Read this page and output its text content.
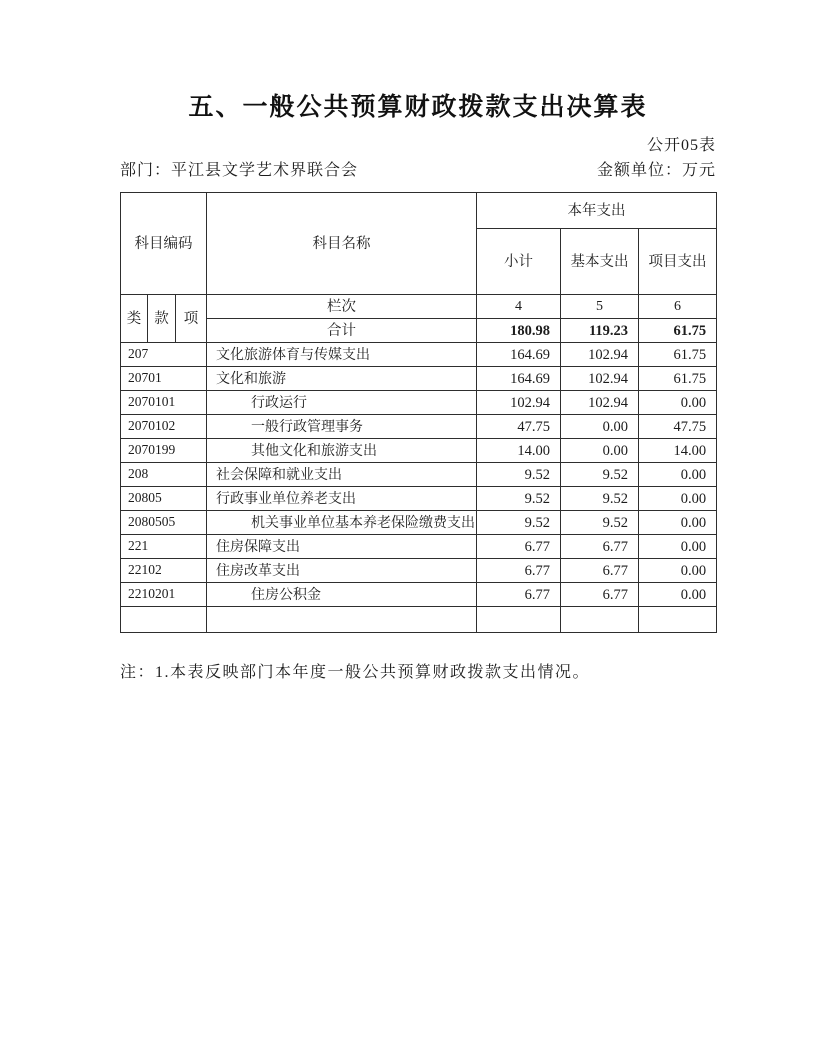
五、一般公共预算财政拨款支出决算表
公开05表
部门：平江县文学艺术界联合会	金额单位：万元
科目编码			科目名称	本年支出		
				小计	基本支出	项目支出
类	款	项	栏次	4	5	6
			合计	180.98	119.23	61.75
207			文化旅游体育与传媒支出	164.69	102.94	61.75
20701			文化和旅游	164.69	102.94	61.75
2070101			行政运行	102.94	102.94	0.00
2070102			一般行政管理事务	47.75	0.00	47.75
2070199			其他文化和旅游支出	14.00	0.00	14.00
208			社会保障和就业支出	9.52	9.52	0.00
20805			行政事业单位养老支出	9.52	9.52	0.00
2080505			机关事业单位基本养老保险缴费支出	9.52	9.52	0.00
221			住房保障支出	6.77	6.77	0.00
22102			住房改革支出	6.77	6.77	0.00
2210201			住房公积金	6.77	6.77	0.00

注：1.本表反映部门本年度一般公共预算财政拨款支出情况。
